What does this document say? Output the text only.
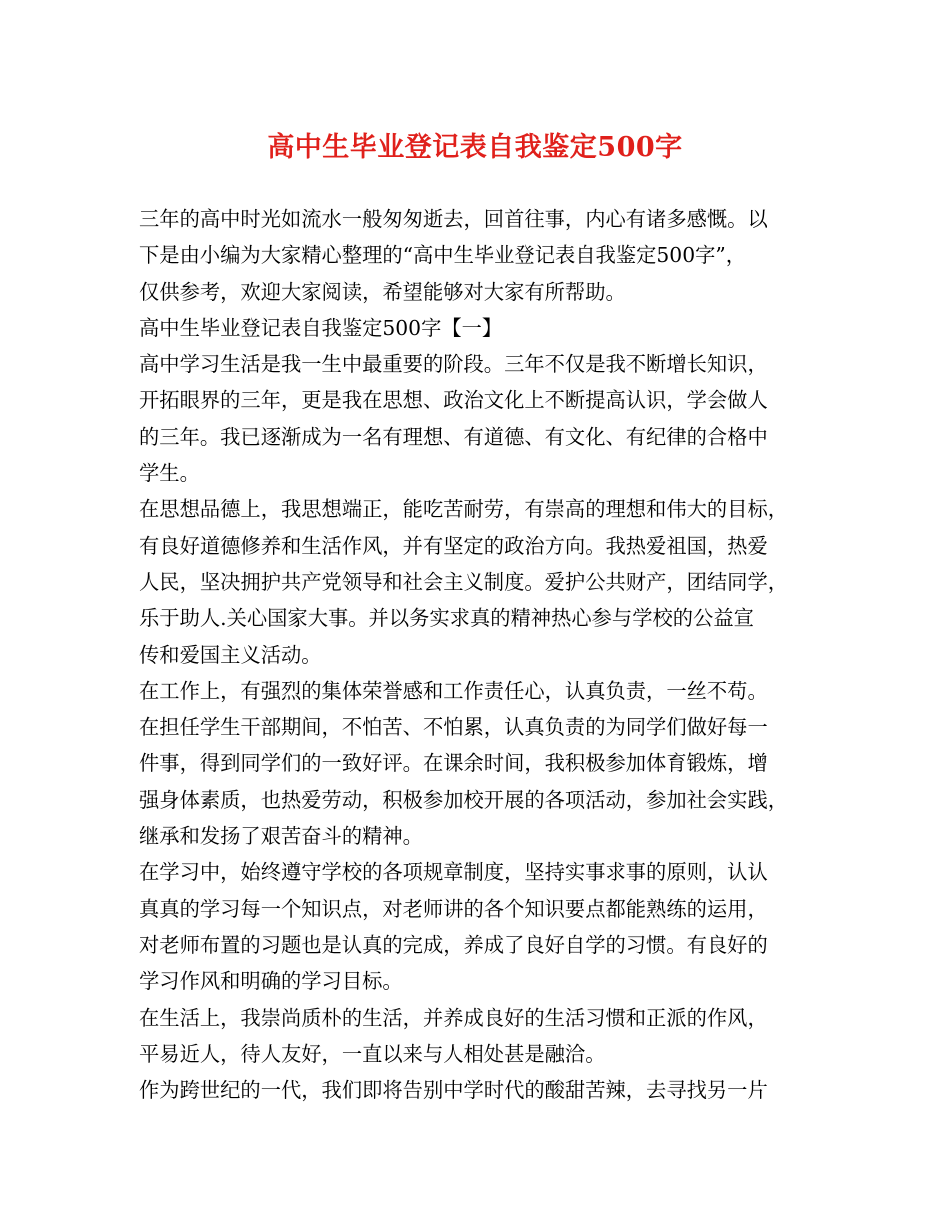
高中生毕业登记表自我鉴定500字
三年的高中时光如流水一般匆匆逝去，回首往事，内心有诸多感慨。以
下是由小编为大家精心整理的“高中生毕业登记表自我鉴定500字”，
仅供参考，欢迎大家阅读，希望能够对大家有所帮助。
高中生毕业登记表自我鉴定500字【一】
高中学习生活是我一生中最重要的阶段。三年不仅是我不断增长知识，
开拓眼界的三年，更是我在思想、政治文化上不断提高认识，学会做人
的三年。我已逐渐成为一名有理想、有道德、有文化、有纪律的合格中
学生。
在思想品德上，我思想端正，能吃苦耐劳，有崇高的理想和伟大的目标，
有良好道德修养和生活作风，并有坚定的政治方向。我热爱祖国，热爱
人民，坚决拥护共产党领导和社会主义制度。爱护公共财产，团结同学，
乐于助人.关心国家大事。并以务实求真的精神热心参与学校的公益宣
传和爱国主义活动。
在工作上，有强烈的集体荣誉感和工作责任心，认真负责，一丝不苟。
在担任学生干部期间，不怕苦、不怕累，认真负责的为同学们做好每一
件事，得到同学们的一致好评。在课余时间，我积极参加体育锻炼，增
强身体素质，也热爱劳动，积极参加校开展的各项活动，参加社会实践，
继承和发扬了艰苦奋斗的精神。
在学习中，始终遵守学校的各项规章制度，坚持实事求事的原则，认认
真真的学习每一个知识点，对老师讲的各个知识要点都能熟练的运用，
对老师布置的习题也是认真的完成，养成了良好自学的习惯。有良好的
学习作风和明确的学习目标。
在生活上，我崇尚质朴的生活，并养成良好的生活习惯和正派的作风，
平易近人，待人友好，一直以来与人相处甚是融洽。
作为跨世纪的一代，我们即将告别中学时代的酸甜苦辣，去寻找另一片
